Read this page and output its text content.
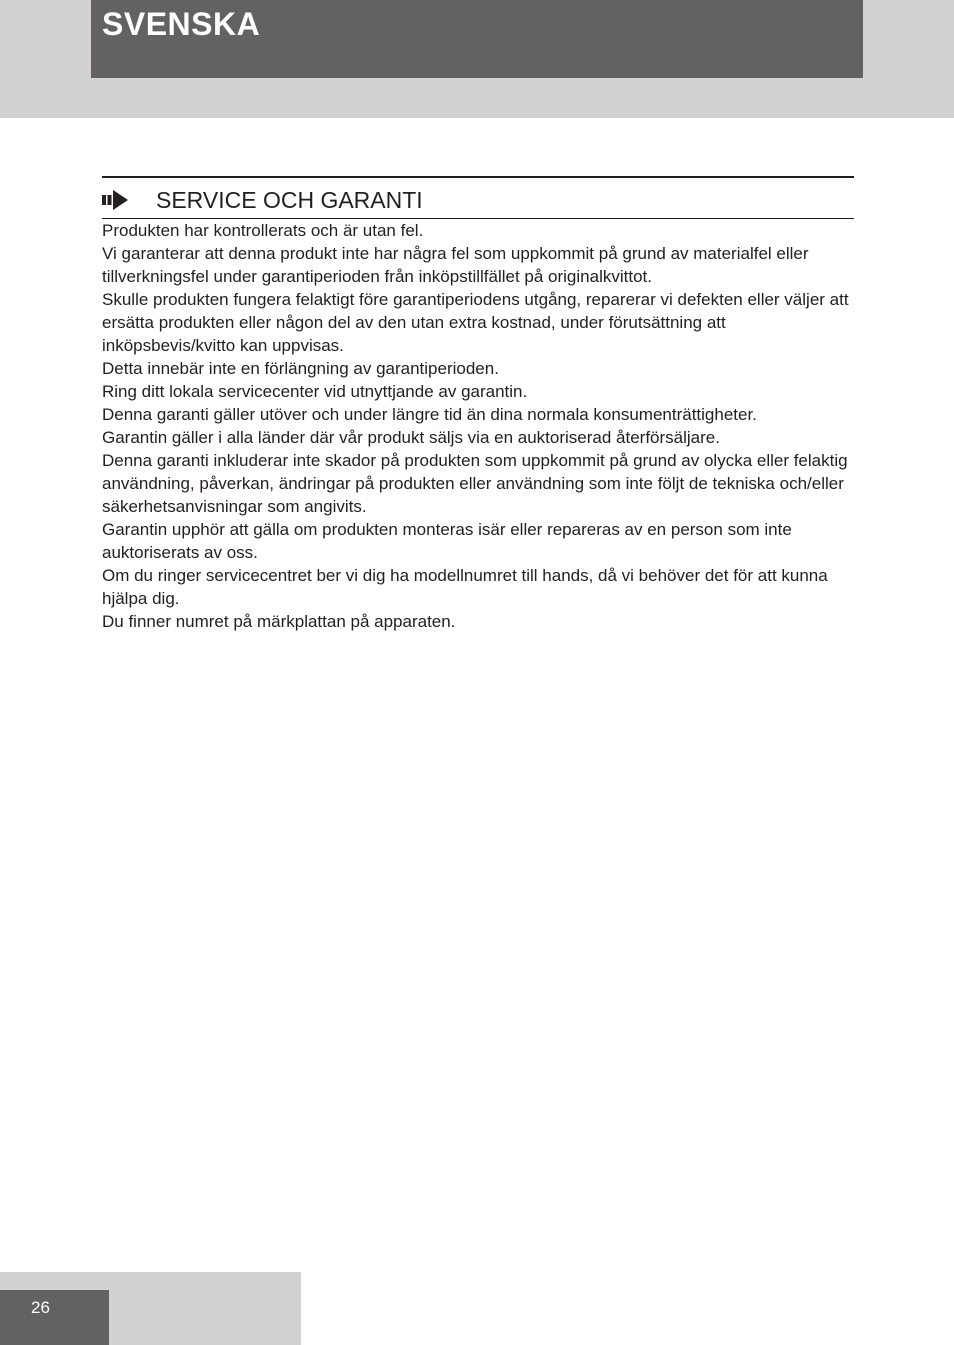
SVENSKA
SERVICE OCH GARANTI

Produkten har kontrollerats och är utan fel.

Vi garanterar att denna produkt inte har några fel som uppkommit på grund av materialfel eller tillverkningsfel under garantiperioden från inköpstillfället på originalkvittot.

Skulle produkten fungera felaktigt före garantiperiodens utgång, reparerar vi defekten eller väljer att ersätta produkten eller någon del av den utan extra kostnad, under förutsättning att inköpsbevis/kvitto kan uppvisas.

Detta innebär inte en förlängning av garantiperioden.

Ring ditt lokala servicecenter vid utnyttjande av garantin.

Denna garanti gäller utöver och under längre tid än dina normala konsumenträttigheter.

Garantin gäller i alla länder där vår produkt säljs via en auktoriserad återförsäljare.

Denna garanti inkluderar inte skador på produkten som uppkommit på grund av olycka eller felaktig användning, påverkan, ändringar på produkten eller användning som inte följt de tekniska och/eller säkerhetsanvisningar som angivits.

Garantin upphör att gälla om produkten monteras isär eller repareras av en person som inte auktoriserats av oss.

Om du ringer servicecentret ber vi dig ha modellnumret till hands, då vi behöver det för att kunna hjälpa dig.

Du finner numret på märkplattan på apparaten.

26
